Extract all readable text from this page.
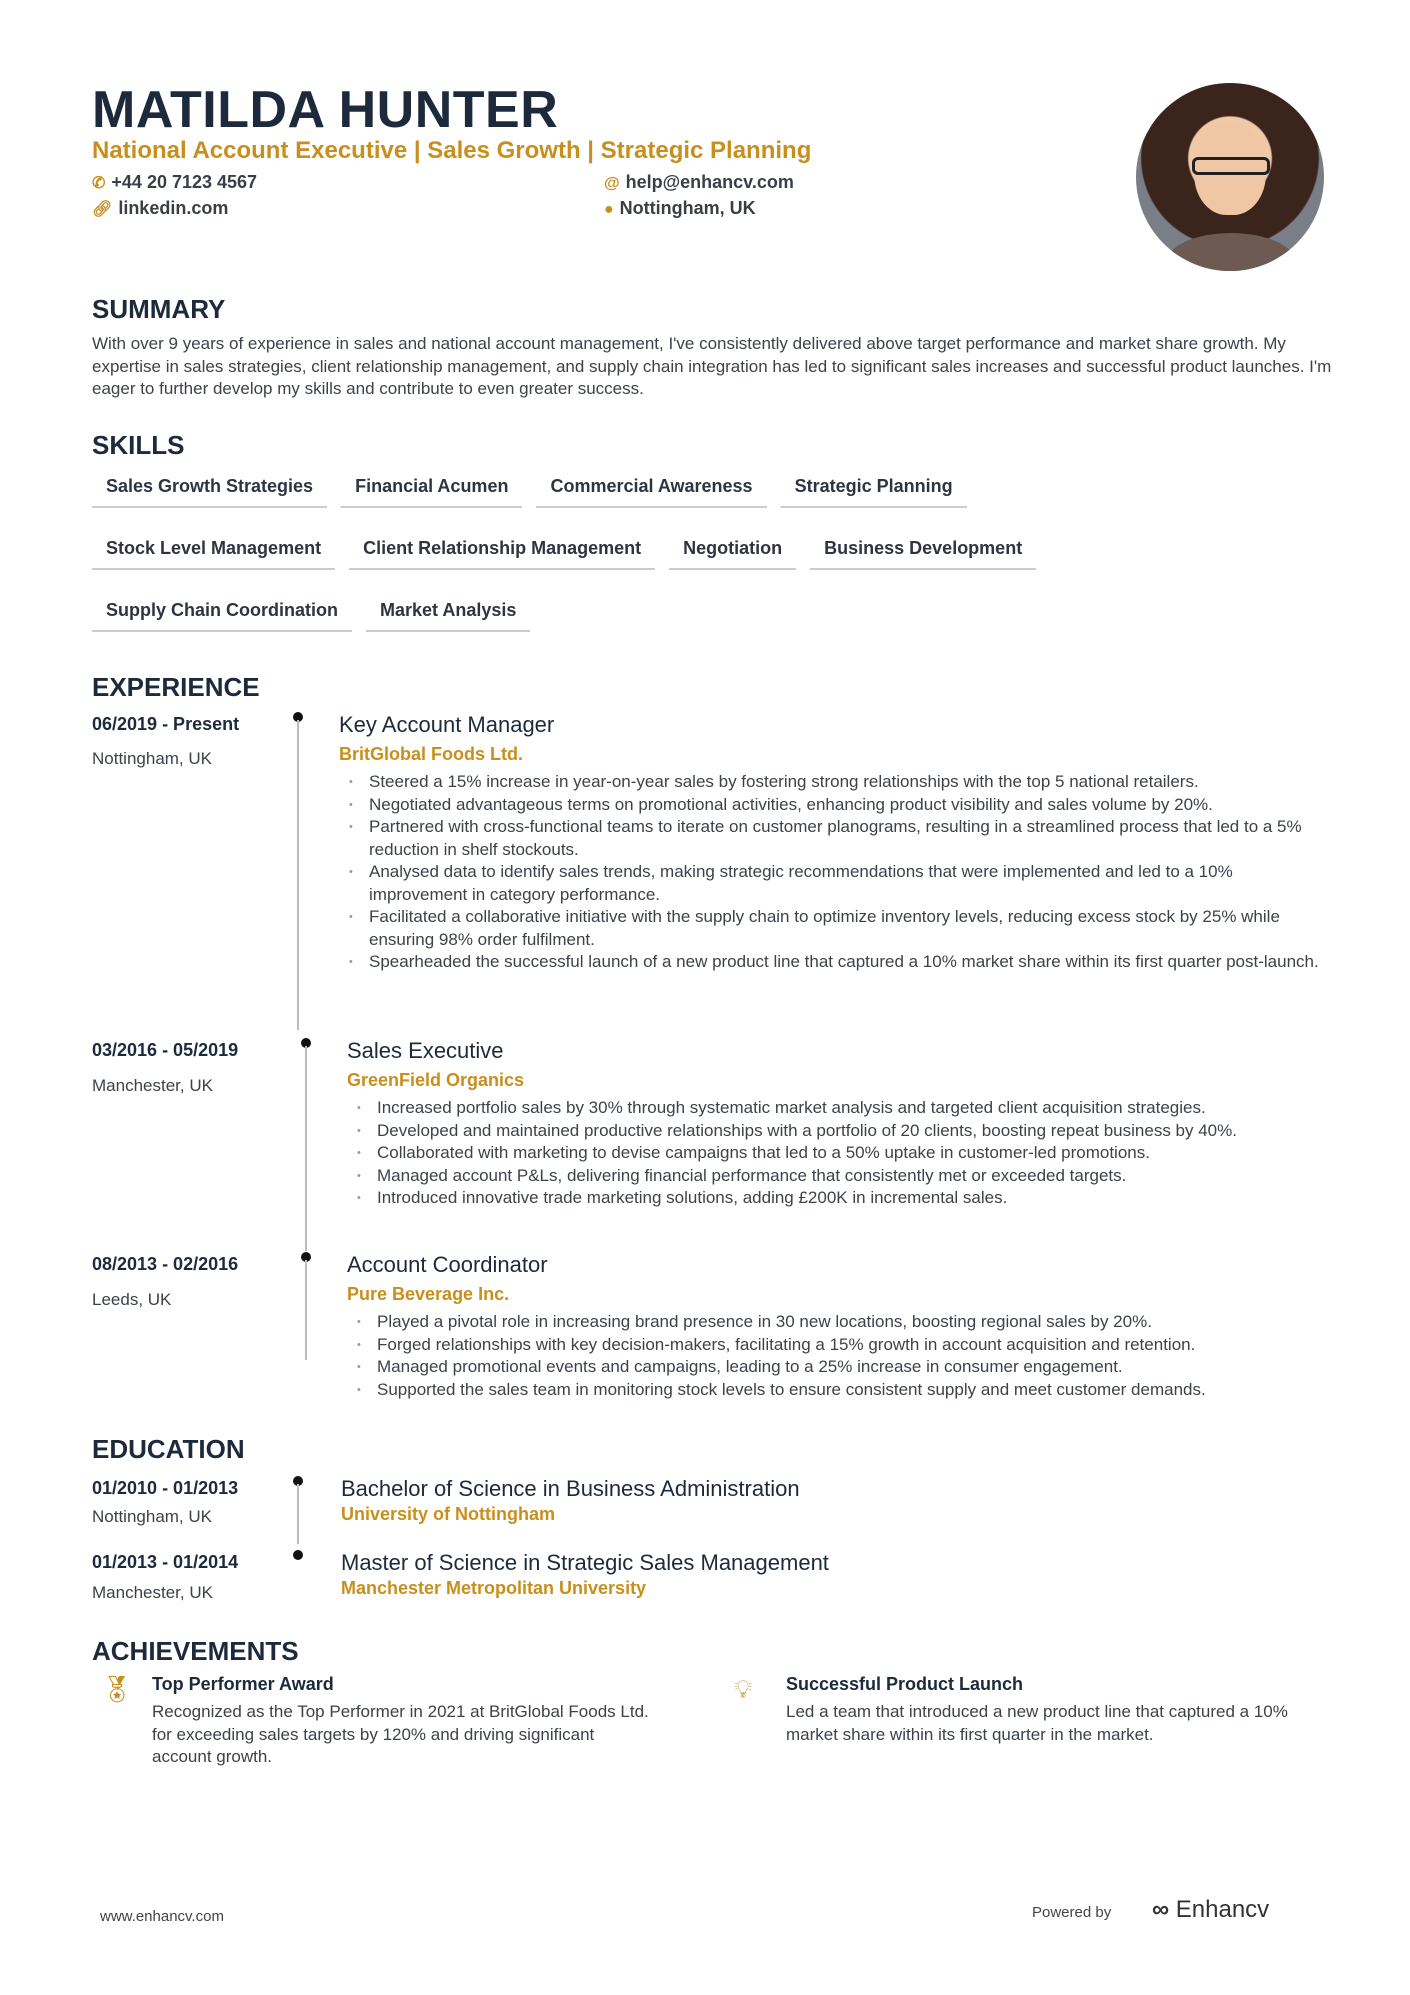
MATILDA HUNTER
National Account Executive | Sales Growth | Strategic Planning
✆ +44 20 7123 4567
🔗︎ linkedin.com
@ help@enhancv.com
● Nottingham, UK
SUMMARY
With over 9 years of experience in sales and national account management, I've consistently delivered above target performance and market share growth. My expertise in sales strategies, client relationship management, and supply chain integration has led to significant sales increases and successful product launches. I'm eager to further develop my skills and contribute to even greater success.
SKILLS
Sales Growth Strategies Financial Acumen Commercial Awareness Strategic Planning
Stock Level Management Client Relationship Management Negotiation Business Development
Supply Chain Coordination Market Analysis
EXPERIENCE
06/2019 - Present
Nottingham, UK
Key Account Manager
BritGlobal Foods Ltd.
• Steered a 15% increase in year-on-year sales by fostering strong relationships with the top 5 national retailers.
• Negotiated advantageous terms on promotional activities, enhancing product visibility and sales volume by 20%.
• Partnered with cross-functional teams to iterate on customer planograms, resulting in a streamlined process that led to a 5% reduction in shelf stockouts.
• Analysed data to identify sales trends, making strategic recommendations that were implemented and led to a 10% improvement in category performance.
• Facilitated a collaborative initiative with the supply chain to optimize inventory levels, reducing excess stock by 25% while ensuring 98% order fulfilment.
• Spearheaded the successful launch of a new product line that captured a 10% market share within its first quarter post-launch.
03/2016 - 05/2019
Manchester, UK
Sales Executive
GreenField Organics
• Increased portfolio sales by 30% through systematic market analysis and targeted client acquisition strategies.
• Developed and maintained productive relationships with a portfolio of 20 clients, boosting repeat business by 40%.
• Collaborated with marketing to devise campaigns that led to a 50% uptake in customer-led promotions.
• Managed account P&Ls, delivering financial performance that consistently met or exceeded targets.
• Introduced innovative trade marketing solutions, adding £200K in incremental sales.
08/2013 - 02/2016
Leeds, UK
Account Coordinator
Pure Beverage Inc.
• Played a pivotal role in increasing brand presence in 30 new locations, boosting regional sales by 20%.
• Forged relationships with key decision-makers, facilitating a 15% growth in account acquisition and retention.
• Managed promotional events and campaigns, leading to a 25% increase in consumer engagement.
• Supported the sales team in monitoring stock levels to ensure consistent supply and meet customer demands.
EDUCATION
01/2010 - 01/2013
Nottingham, UK
Bachelor of Science in Business Administration
University of Nottingham
01/2013 - 01/2014
Manchester, UK
Master of Science in Strategic Sales Management
Manchester Metropolitan University
ACHIEVEMENTS
🏅︎ Top Performer Award
Recognized as the Top Performer in 2021 at BritGlobal Foods Ltd. for exceeding sales targets by 120% and driving significant account growth.
💡︎ Successful Product Launch
Led a team that introduced a new product line that captured a 10% market share within its first quarter in the market.
www.enhancv.com	Powered by ∞ Enhancv
